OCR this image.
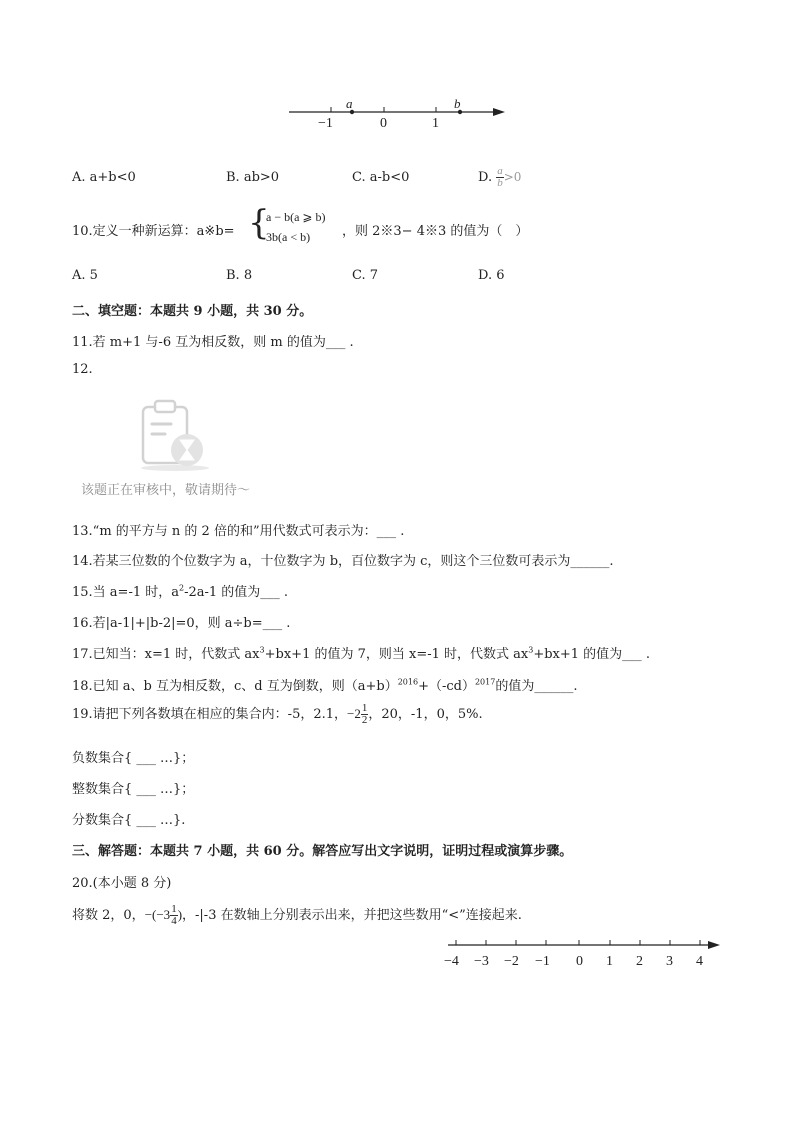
a	b
−1	0	1
A. a+b<0	B. ab>0	C. a-b<0	D. $\frac{a}{b} >0$
10.定义一种新运算：a※b= {
a − b(a ⩾ b)
3b(a < b)	，则 2※3− 4※3 的值为（　）
A. 5	B. 8	C. 7	D. 6
二、填空题：本题共 9 小题，共 30 分。
11.若 m+1 与-6 互为相反数，则 m 的值为___ .
12.
该题正在审核中，敬请期待～
13.“m 的平方与 n 的 2 倍的和”用代数式可表示为：___ .
14.若某三位数的个位数字为 a，十位数字为 b，百位数字为 c，则这个三位数可表示为______.
15.当 a=-1 时，$a^2-2a-1$ 的值为___ .
16.若|a-1|+|b-2|=0，则 a÷b=___ .
17.已知当：x=1 时，代数式 $ax^3+bx+1$ 的值为 7，则当 x=-1 时，代数式 $ax^3+bx+1$ 的值为___ .
18.已知 a、b 互为相反数，c、d 互为倒数，则$(a+b)^{2016}+(-cd)^{2017}$的值为______.
19.请把下列各数填在相应的集合内：-5，2.1，$-2 \frac{1}{2}$ ，20，-1，0，5%.
负数集合{ ___ …}；
整数集合{ ___ …}；
分数集合{ ___ …}.
三、解答题：本题共 7 小题，共 60 分。解答应写出文字说明，证明过程或演算步骤。
20.(本小题 8 分)
将数 2，0，$-(-3 \frac{1}{4}$ )，-|-3 在数轴上分别表示出来，并把这些数用“<”连接起来.
−4 −3 −2 −1 0 1 2 3 4
